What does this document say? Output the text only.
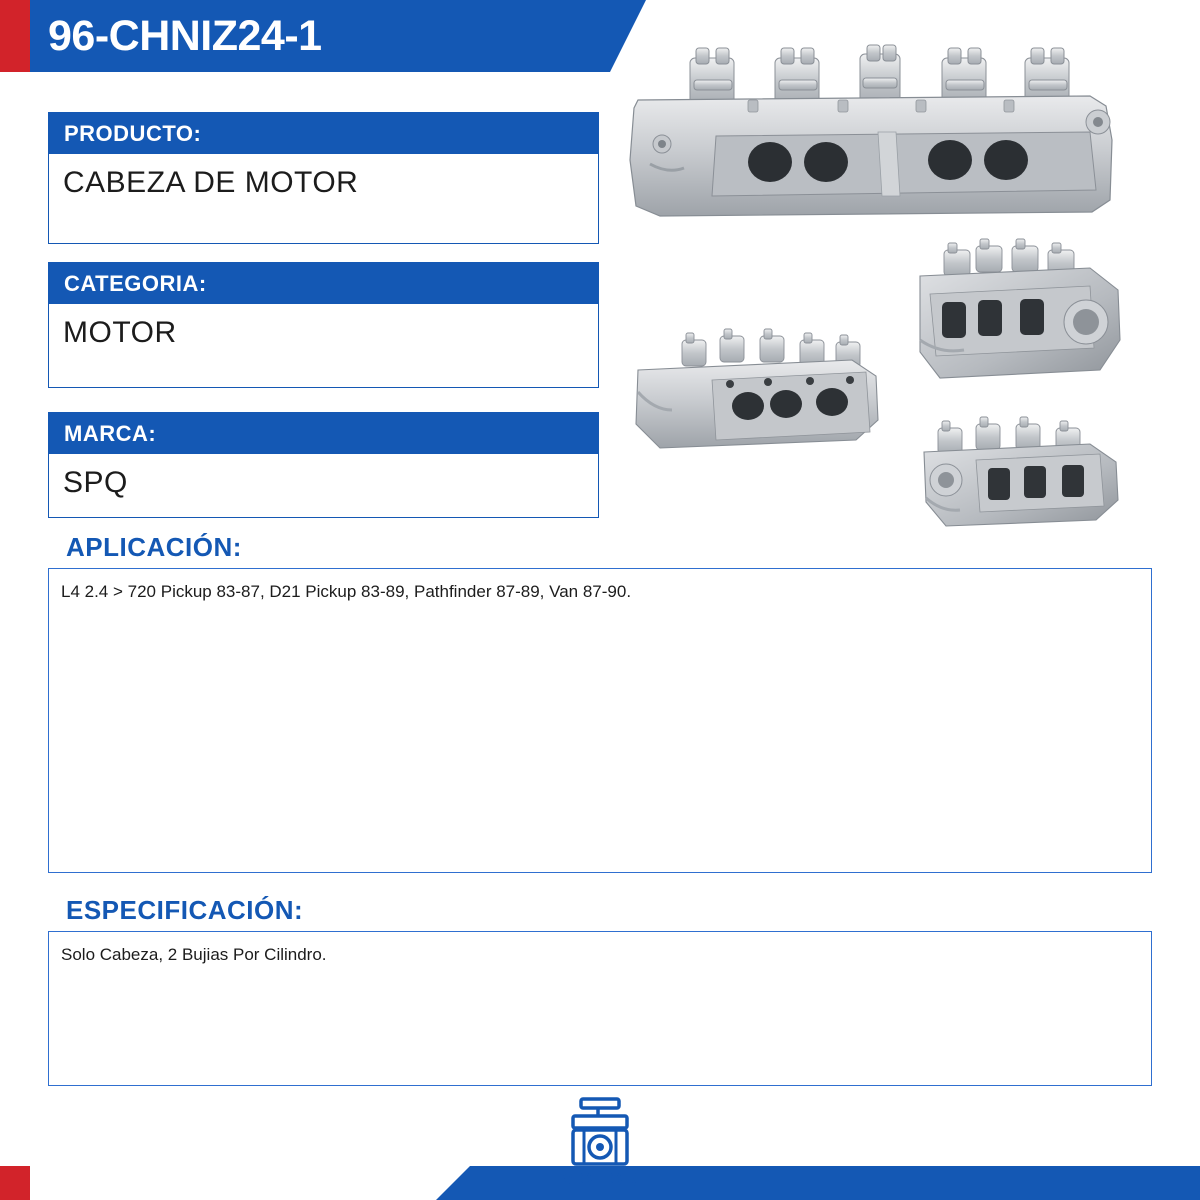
96-CHNIZ24-1
PRODUCTO:
CABEZA DE MOTOR
CATEGORIA:
MOTOR
MARCA:
SPQ
APLICACIÓN:
L4 2.4 > 720 Pickup 83-87, D21 Pickup 83-89, Pathfinder 87-89, Van 87-90.
ESPECIFICACIÓN:
Solo Cabeza, 2 Bujias Por Cilindro.
MOTOR
